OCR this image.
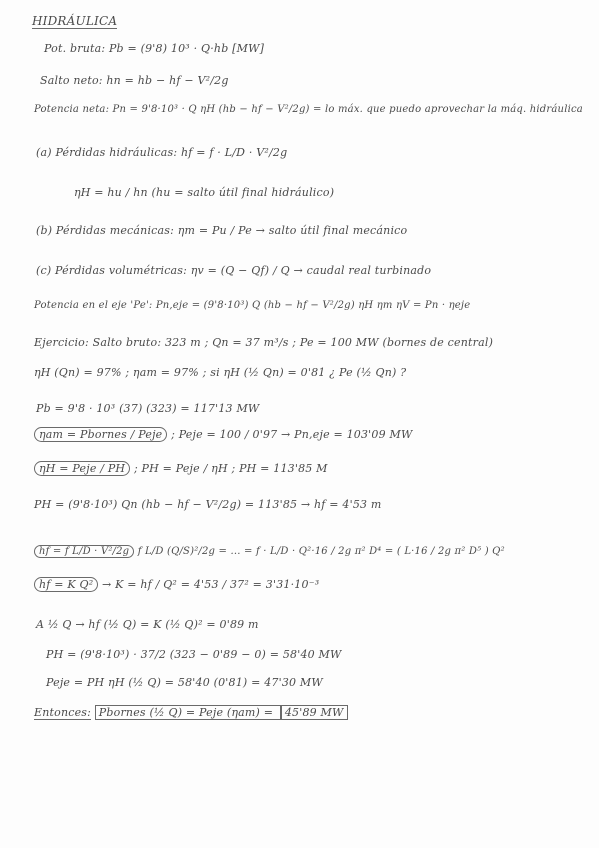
HIDRÁULICA
Pot. bruta: Pb = (9'8) 10³ · Q·hb [MW]
Salto neto: hn = hb − hf − V²/2g
Potencia neta: Pn = 9'8·10³ · Q ηH (hb − hf − V²/2g) = lo máx. que puedo aprovechar la máq. hidráulica
(a) Pérdidas hidráulicas: hf = f · L/D · V²/2g
ηH = hu / hn (hu = salto útil final hidráulico)
(b) Pérdidas mecánicas: ηm = Pu / Pe → salto útil final mecánico
(c) Pérdidas volumétricas: ηv = (Q − Qf) / Q → caudal real turbinado
Potencia en el eje 'Pe': Pn,eje = (9'8·10³) Q (hb − hf − V²/2g) ηH ηm ηV = Pn · ηeje
Ejercicio: Salto bruto: 323 m ; Qn = 37 m³/s ; Pe = 100 MW (bornes de central)
ηH (Qn) = 97% ; ηam = 97% ; si ηH (½ Qn) = 0'81 ¿ Pe (½ Qn) ?
Pb = 9'8 · 10³ (37) (323) = 117'13 MW
ηam = Pbornes / Peje ; Peje = 100 / 0'97 → Pn,eje = 103'09 MW
ηH = Peje / PH ; PH = Peje / ηH ; PH = 113'85 M
PH = (9'8·10³) Qn (hb − hf − V²/2g) = 113'85 → hf = 4'53 m
hf = f L/D · V²/2g f L/D (Q/S)²/2g = ... = f · L/D · Q²·16 / 2g π² D⁴ = ( L·16 / 2g π² D⁵ ) Q²
hf = K Q² → K = hf / Q² = 4'53 / 37² = 3'31·10⁻³
A ½ Q → hf (½ Q) = K (½ Q)² = 0'89 m
PH = (9'8·10³) · 37/2 (323 − 0'89 − 0) = 58'40 MW
Peje = PH ηH (½ Q) = 58'40 (0'81) = 47'30 MW
Entonces: Pbornes (½ Q) = Peje (ηam) = 45'89 MW
